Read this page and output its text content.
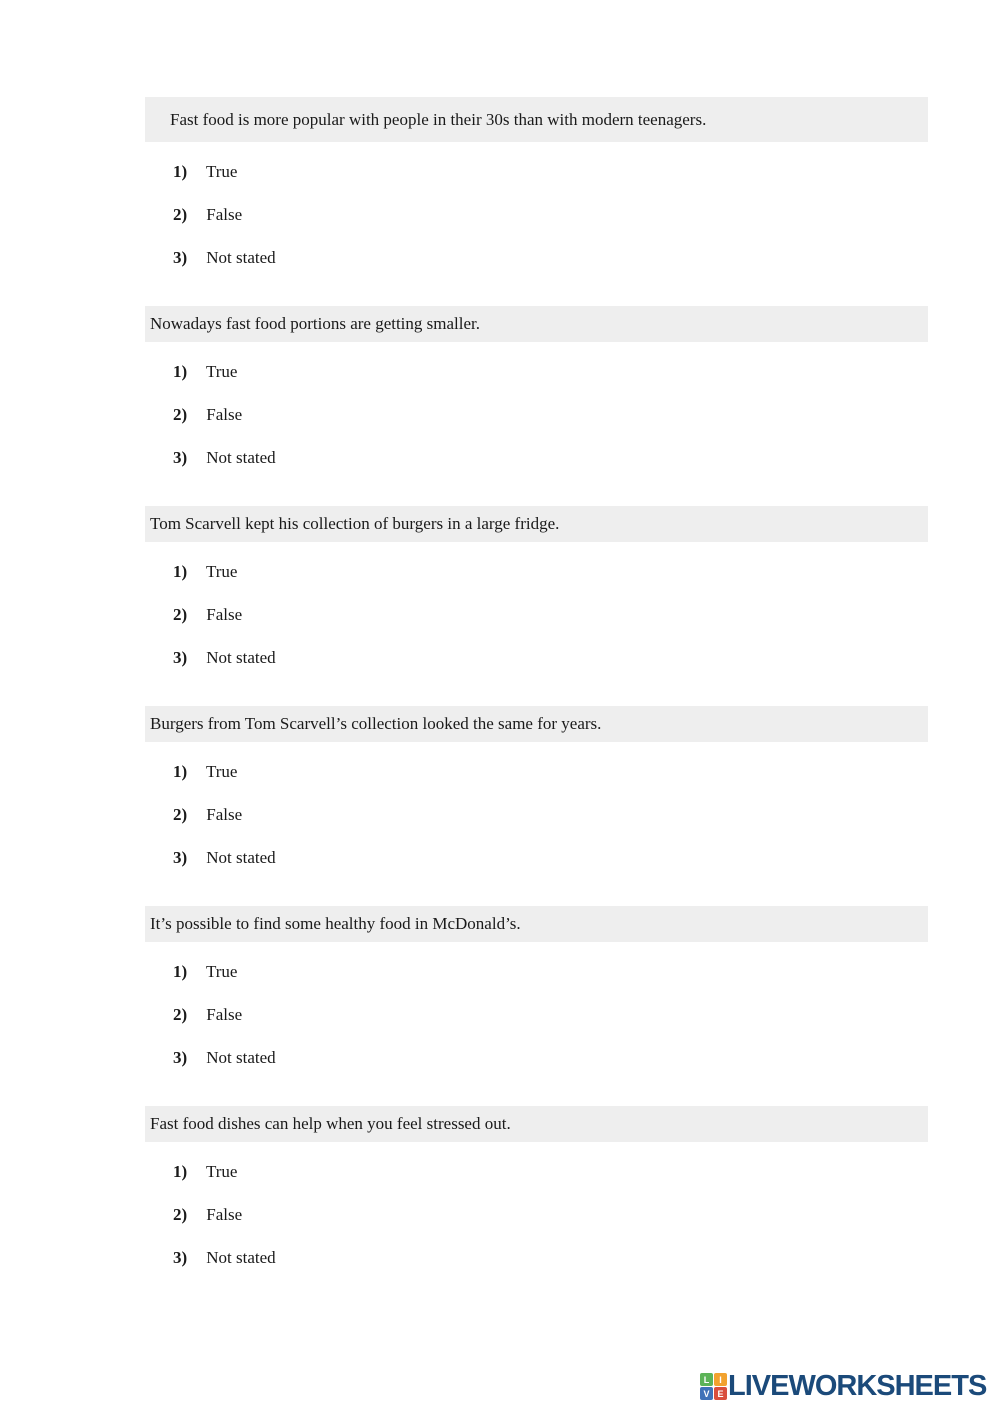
Fast food is more popular with people in their 30s than with modern teenagers.
1) True
2) False
3) Not stated
Nowadays fast food portions are getting smaller.
1) True
2) False
3) Not stated
Tom Scarvell kept his collection of burgers in a large fridge.
1) True
2) False
3) Not stated
Burgers from Tom Scarvell’s collection looked the same for years.
1) True
2) False
3) Not stated
It’s possible to find some healthy food in McDonald’s.
1) True
2) False
3) Not stated
Fast food dishes can help when you feel stressed out.
1) True
2) False
3) Not stated
L	I
V E LIVEWORKSHEETS
